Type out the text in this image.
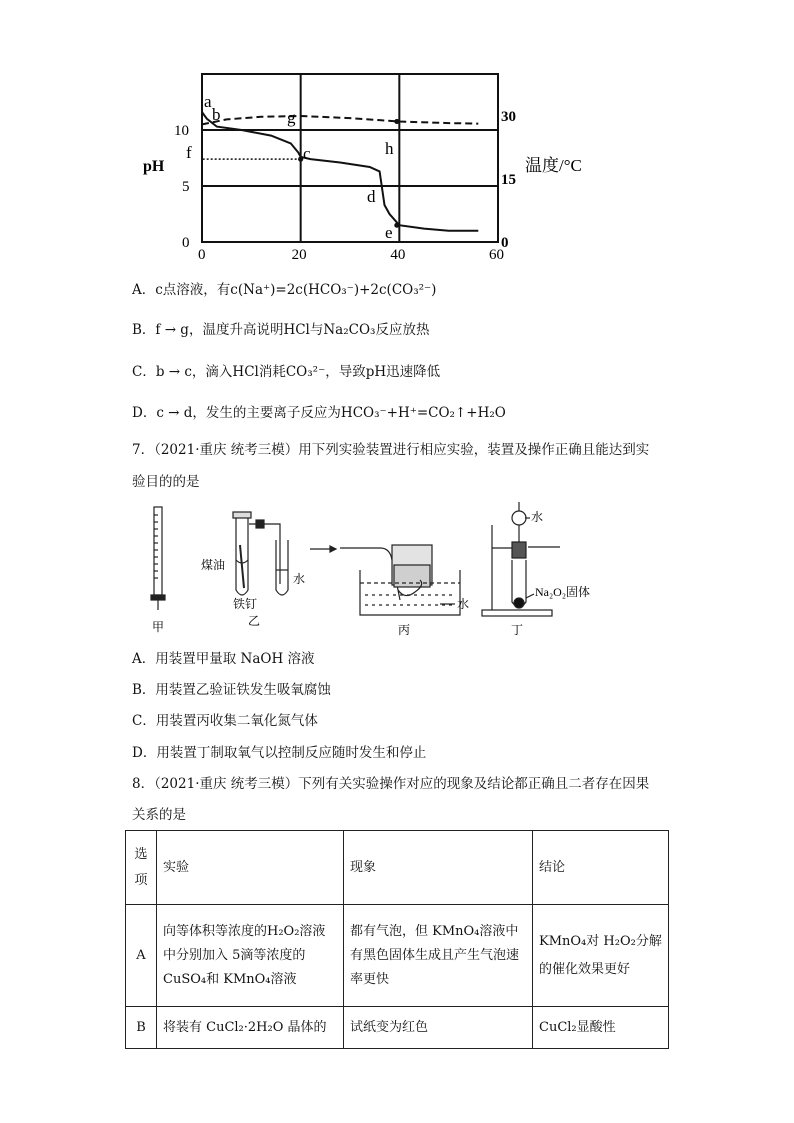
0	20	40	60
0
5
10
0
15
30
pH	温度/°C
a
b
f
g
c	h
d
e
A．c点溶液，有c(Na⁺)=2c(HCO₃⁻)+2c(CO₃²⁻)
B．f → g，温度升高说明HCl与Na₂CO₃反应放热
C．b → c，滴入HCl消耗CO₃²⁻，导致pH迅速降低
D．c → d，发生的主要离子反应为HCO₃⁻+H⁺=CO₂↑+H₂O
7．（2021·重庆 统考三模）用下列实验装置进行相应实验，装置及操作正确且能达到实
验目的的是
甲
煤油
铁钉
水
乙
水
丙
水
Na₂O₂固体
丁
A．用装置甲量取 NaOH 溶液
B．用装置乙验证铁发生吸氧腐蚀
C．用装置丙收集二氧化氮气体
D．用装置丁制取氧气以控制反应随时发生和停止
8．（2021·重庆 统考三模）下列有关实验操作对应的现象及结论都正确且二者存在因果
关系的是
选项	实验	现象	结论
A	向等体积等浓度的H₂O₂溶液中分别加入 5滴等浓度的CuSO₄和 KMnO₄溶液	都有气泡，但 KMnO₄溶液中有黑色固体生成且产生气泡速率更快	KMnO₄对 H₂O₂分解的催化效果更好
B	将装有 CuCl₂·2H₂O 晶体的	试纸变为红色	CuCl₂显酸性
